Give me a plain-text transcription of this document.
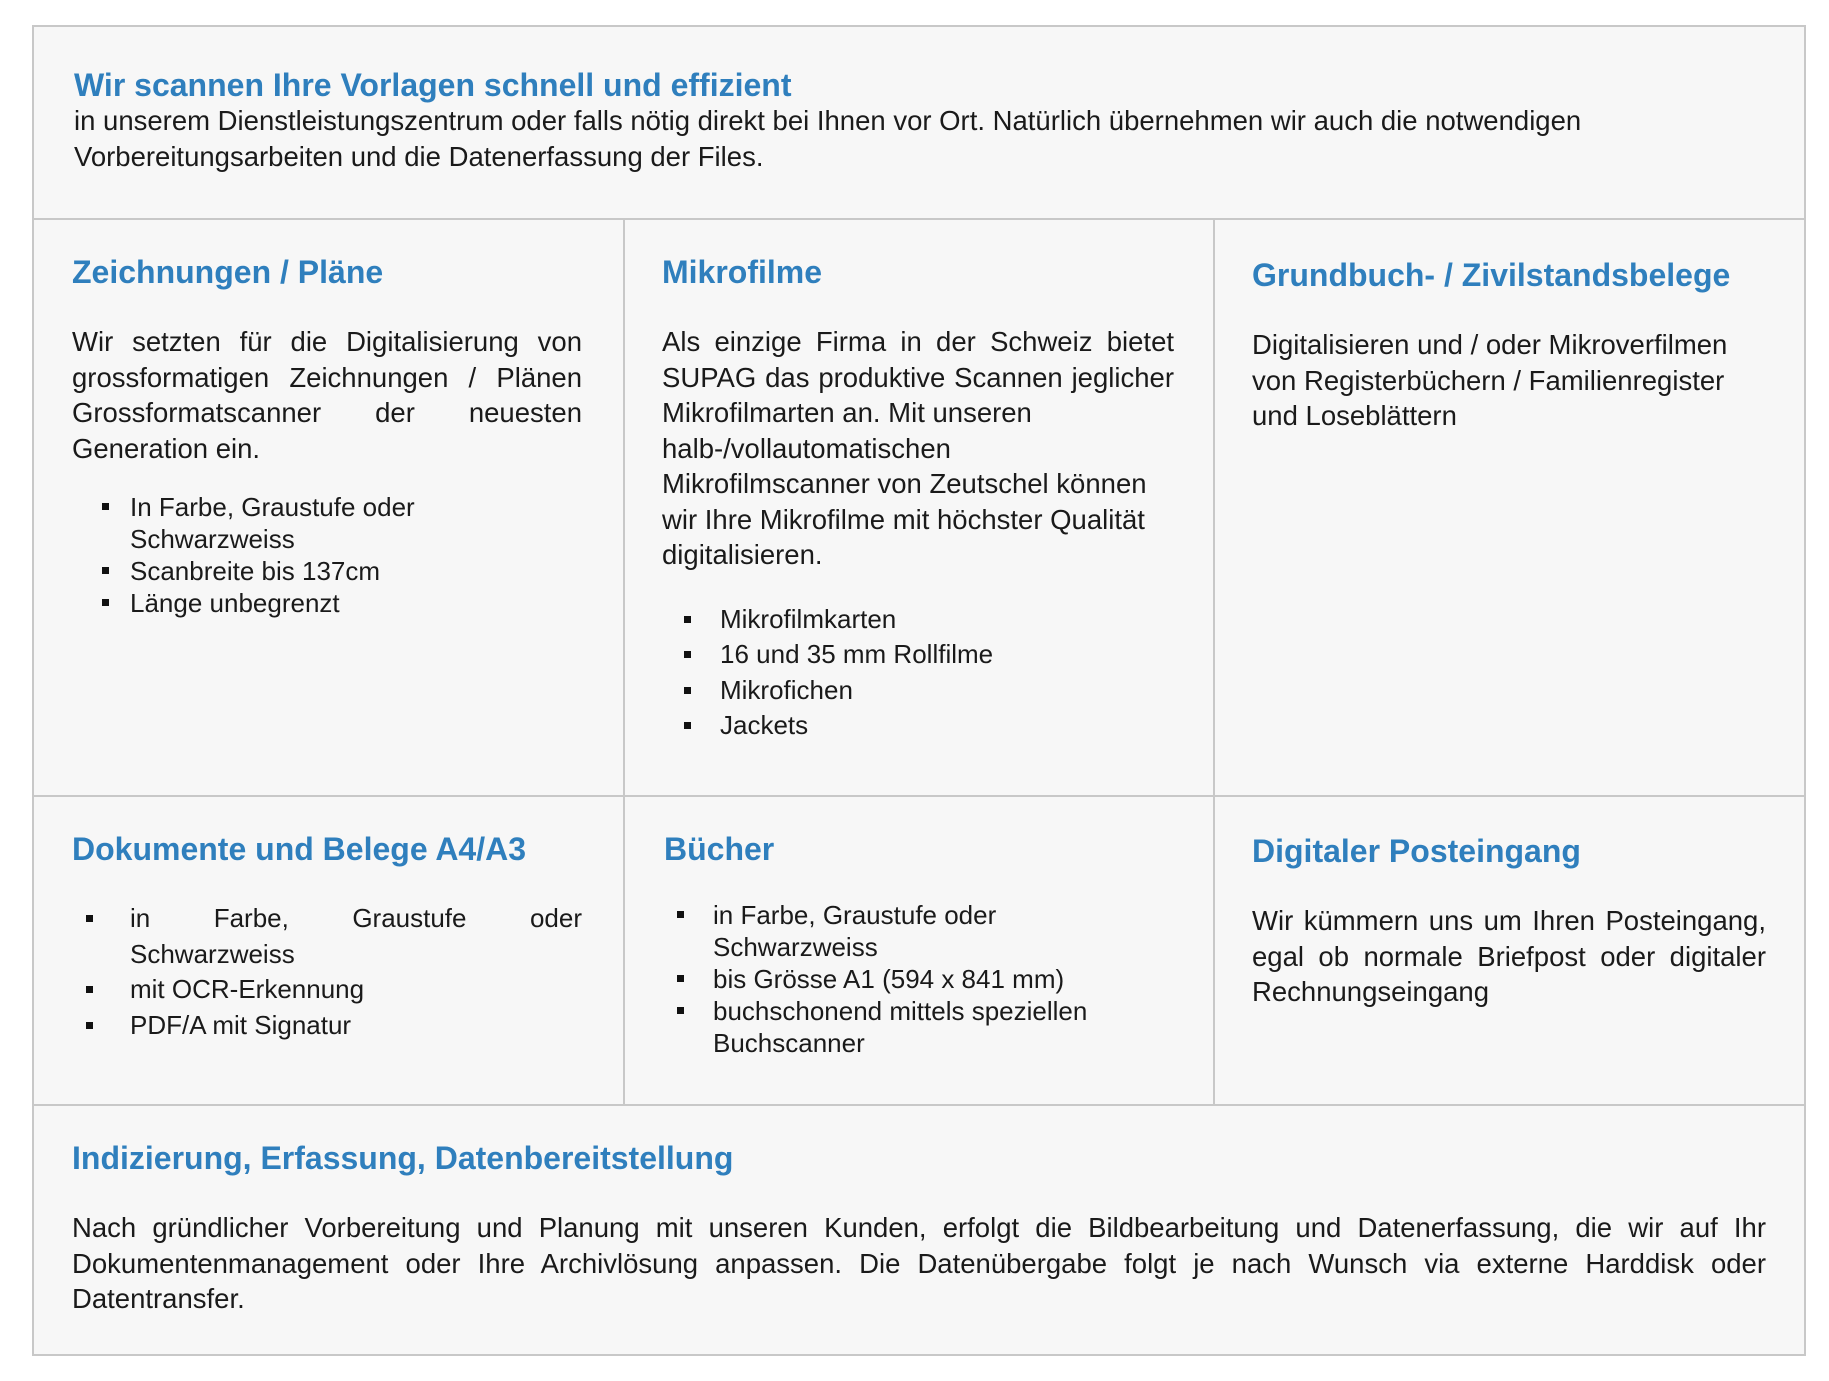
Wir scannen Ihre Vorlagen schnell und effizient

in unserem Dienstleistungszentrum oder falls nötig direkt bei Ihnen vor Ort. Natürlich übernehmen wir auch die notwendigen Vorbereitungsarbeiten und die Datenerfassung der Files.

Zeichnungen / Pläne

Wir setzten für die Digitalisierung von grossformatigen Zeichnungen / Plänen Grossformatscanner der neuesten Generation ein.

In Farbe, Graustufe oder Schwarzweiss
Scanbreite bis 137cm
Länge unbegrenzt
Mikrofilme

Als einzige Firma in der Schweiz bietet SUPAG das produktive Scannen jeglicher Mikrofilmarten an. Mit unseren

halb-/vollautomatischen Mikrofilmscanner von Zeutschel können wir Ihre Mikrofilme mit höchster Qualität digitalisieren.

Mikrofilmkarten
16 und 35 mm Rollfilme
Mikrofichen
Jackets
Grundbuch- / Zivilstandsbelege

Digitalisieren und / oder Mikroverfilmen von Registerbüchern / Familienregister und Loseblättern

Dokumente und Belege A4/A3
in Farbe, Graustufe oder Schwarzweiss
mit OCR-Erkennung
PDF/A mit Signatur
Bücher
in Farbe, Graustufe oder Schwarzweiss
bis Grösse A1 (594 x 841 mm)
buchschonend mittels speziellen Buchscanner
Digitaler Posteingang

Wir kümmern uns um Ihren Posteingang, egal ob normale Briefpost oder digitaler Rechnungseingang

Indizierung, Erfassung, Datenbereitstellung

Nach gründlicher Vorbereitung und Planung mit unseren Kunden, erfolgt die Bildbearbeitung und Datenerfassung, die wir auf Ihr Dokumentenmanagement oder Ihre Archivlösung anpassen. Die Datenübergabe folgt je nach Wunsch via externe Harddisk oder Datentransfer.
